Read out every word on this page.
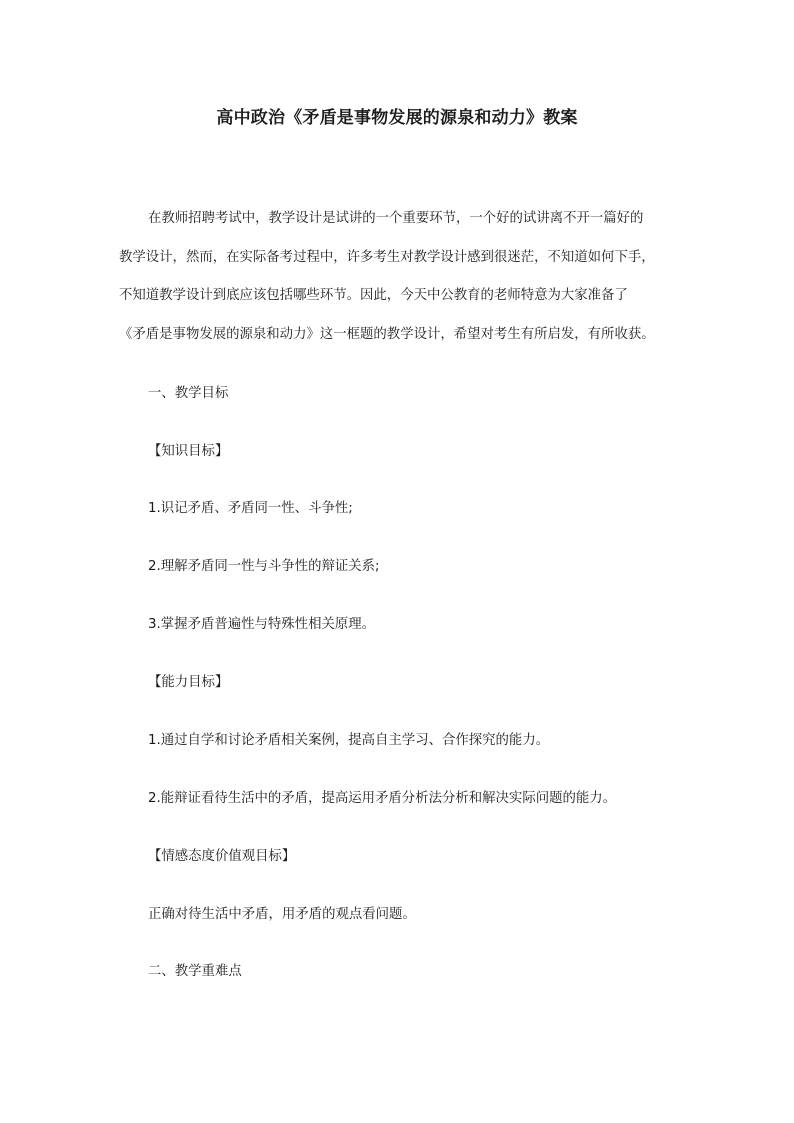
高中政治《矛盾是事物发展的源泉和动力》教案
在教师招聘考试中，教学设计是试讲的一个重要环节，一个好的试讲离不开一篇好的
教学设计，然而，在实际备考过程中，许多考生对教学设计感到很迷茫，不知道如何下手，
不知道教学设计到底应该包括哪些环节。因此，今天中公教育的老师特意为大家准备了
《矛盾是事物发展的源泉和动力》这一框题的教学设计，希望对考生有所启发，有所收获。
一、教学目标
【知识目标】
1.识记矛盾、矛盾同一性、斗争性;
2.理解矛盾同一性与斗争性的辩证关系;
3.掌握矛盾普遍性与特殊性相关原理。
【能力目标】
1.通过自学和讨论矛盾相关案例，提高自主学习、合作探究的能力。
2.能辩证看待生活中的矛盾，提高运用矛盾分析法分析和解决实际问题的能力。
【情感态度价值观目标】
正确对待生活中矛盾，用矛盾的观点看问题。
二、教学重难点
